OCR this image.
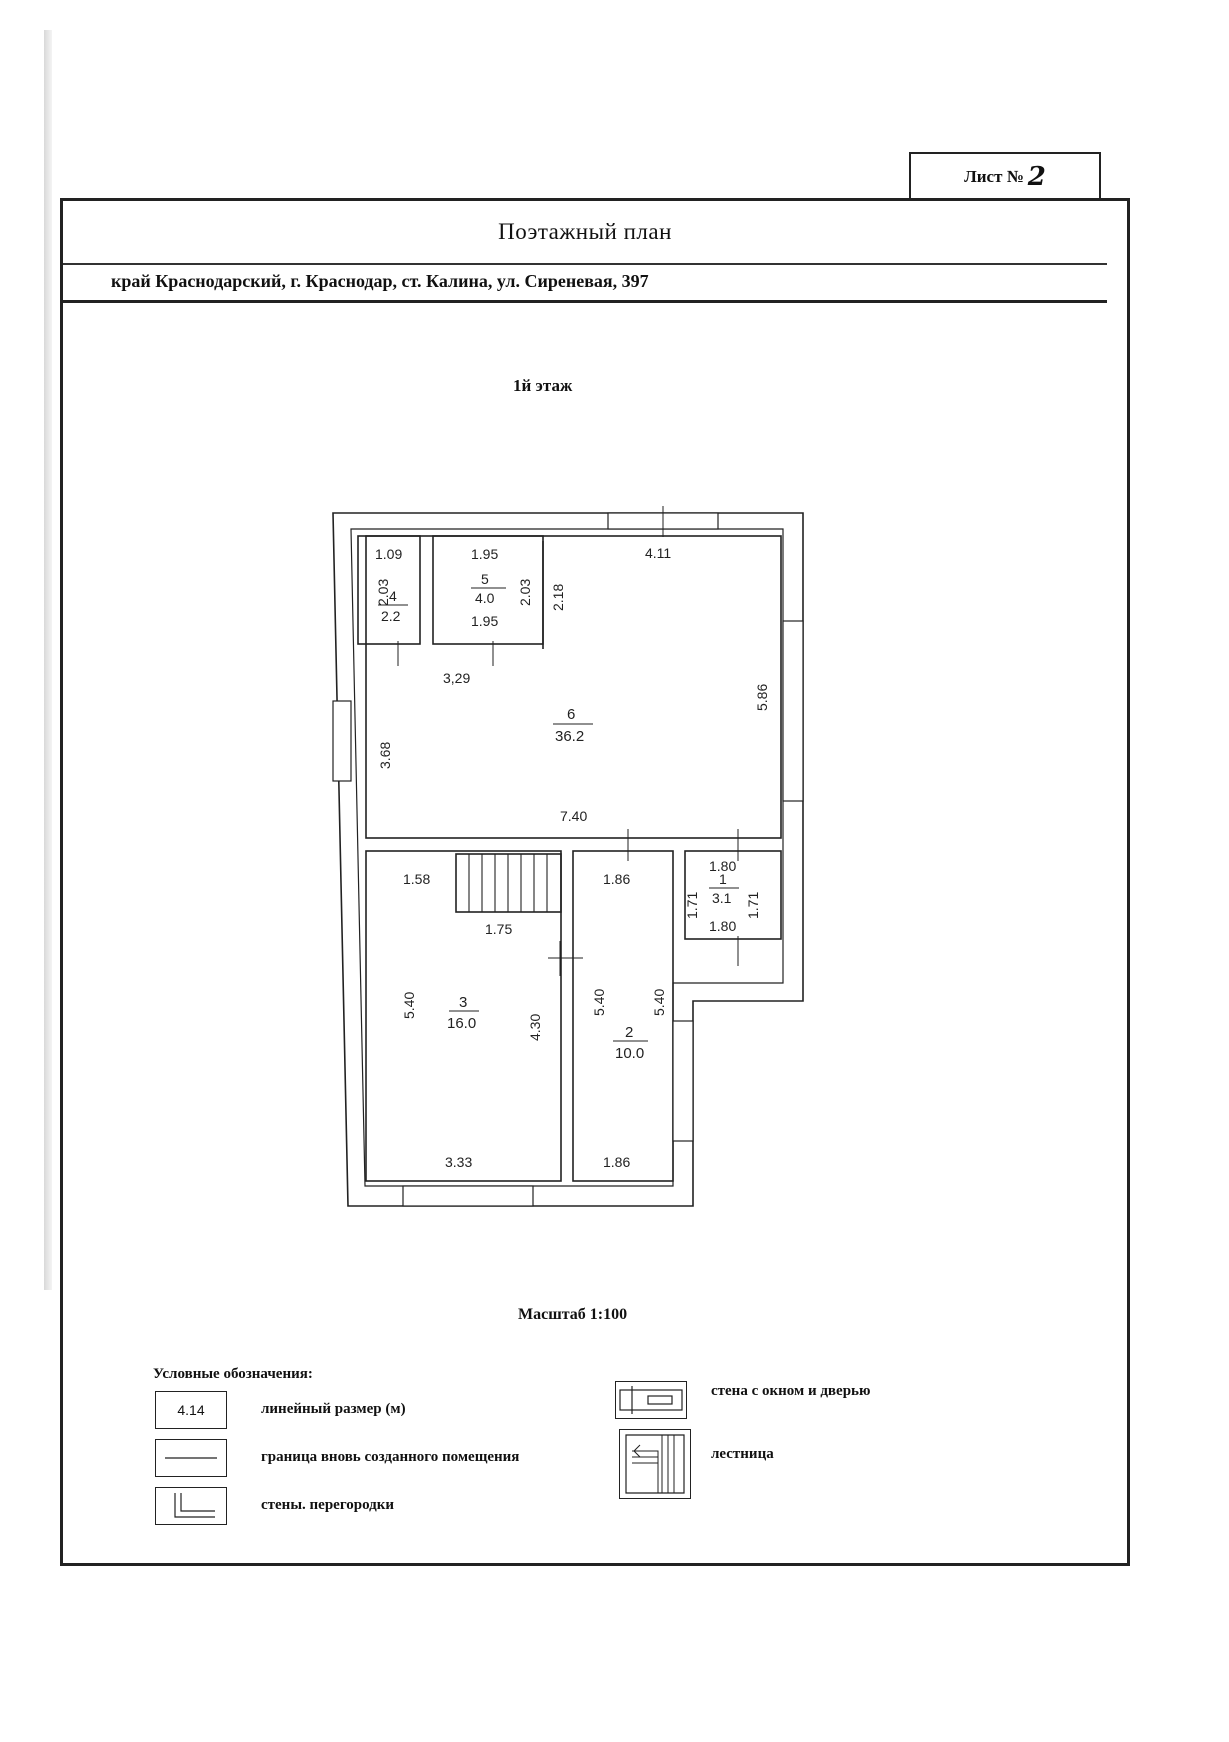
Лист № 2
Поэтажный план
край Краснодарский, г. Краснодар, ст. Калина, ул. Сиреневая, 397
1й этаж
1.09	1.95	4.11
2.03	2.03 2.18
1.95
3,29
5.86
3.68
7.40
1.58	1.86
1.80
1.71	1.71
1.80
1.75
5.40	5.40	5.40
4.30
3.33	1.86
4
2.2
5
4.0
6
36.2
3
16.0
2
10.0
1
3.1
Масштаб 1:100
Условные обозначения:
4.14	линейный размер (м)
граница вновь созданного помещения
стены. перегородки
стена с окном и дверью
лестница
